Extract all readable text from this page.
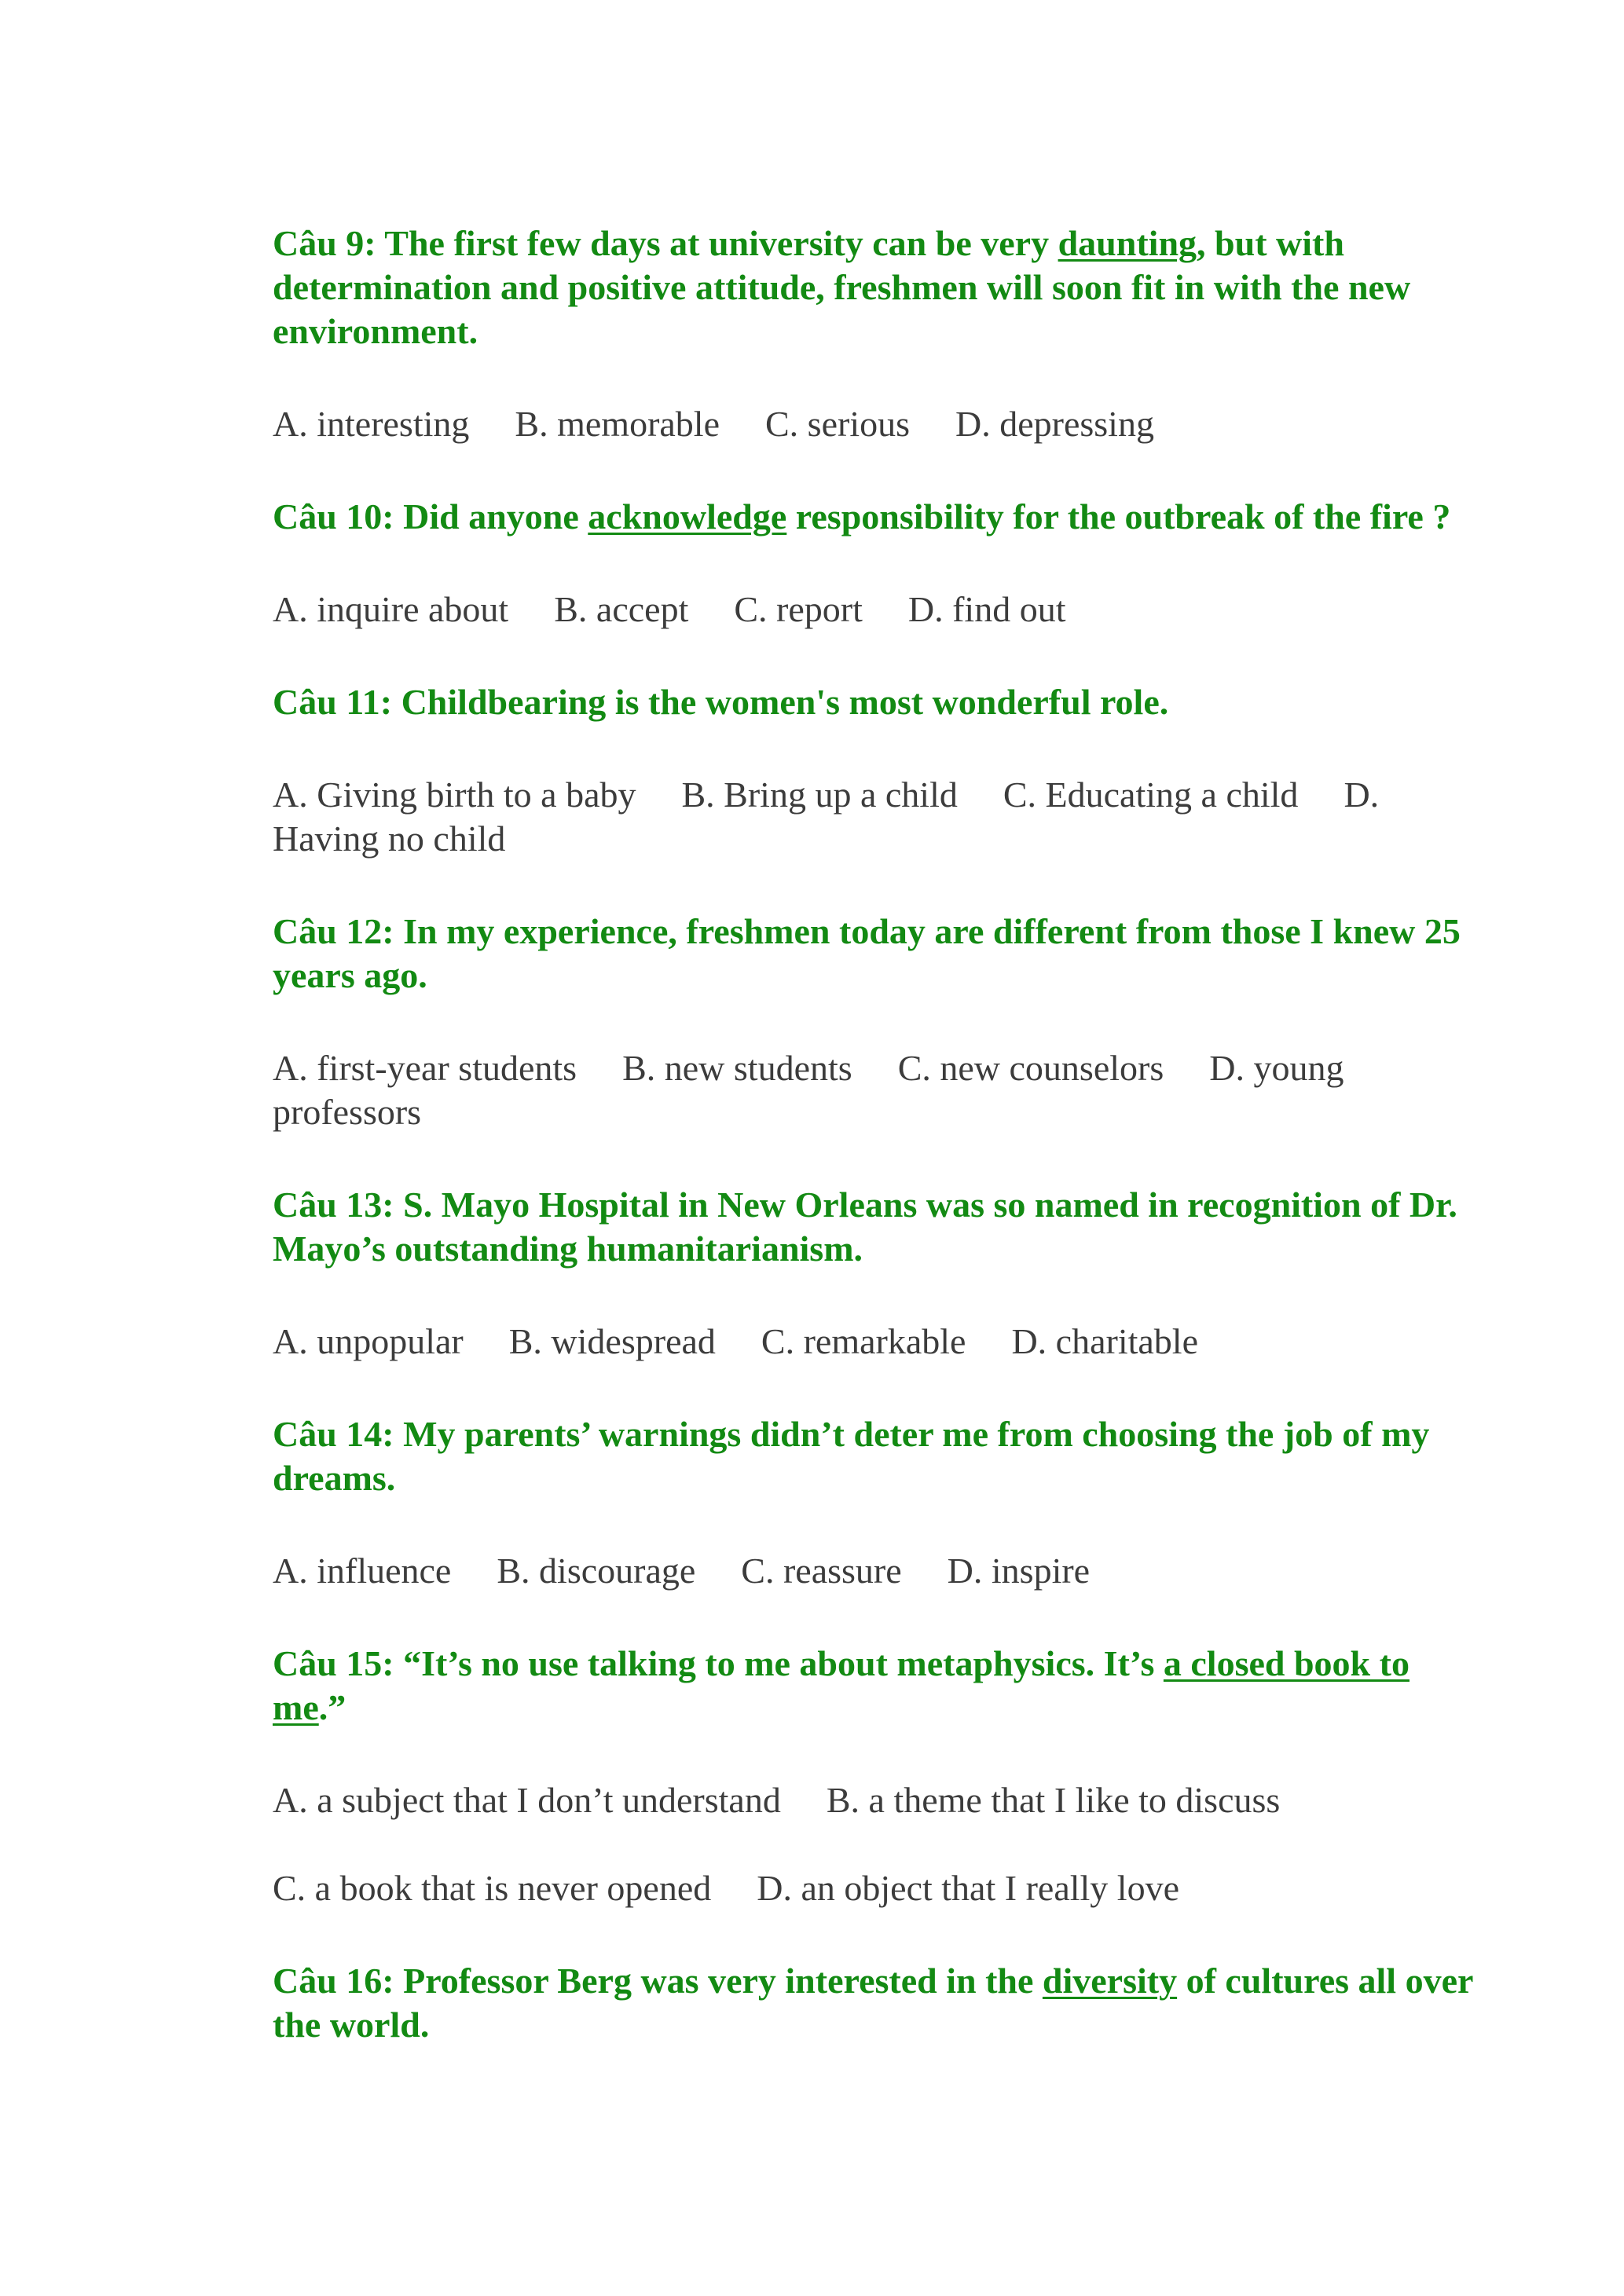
Câu 9: The first few days at university can be very daunting, but with determination and positive attitude, freshmen will soon fit in with the new environment.

A. interesting B. memorable C. serious D. depressing

Câu 10: Did anyone acknowledge responsibility for the outbreak of the fire ?

A. inquire about B. accept C. report D. find out

Câu 11: Childbearing is the women's most wonderful role.

A. Giving birth to a baby B. Bring up a child C. Educating a child D. Having no child

Câu 12: In my experience, freshmen today are different from those I knew 25 years ago.

A. first-year students B. new students C. new counselors D. young professors

Câu 13: S. Mayo Hospital in New Orleans was so named in recognition of Dr. Mayo’s outstanding humanitarianism.

A. unpopular B. widespread C. remarkable D. charitable

Câu 14: My parents’ warnings didn’t deter me from choosing the job of my dreams.

A. influence B. discourage C. reassure D. inspire

Câu 15: “It’s no use talking to me about metaphysics. It’s a closed book to me.”

A. a subject that I don’t understand B. a theme that I like to discuss

C. a book that is never opened D. an object that I really love

Câu 16: Professor Berg was very interested in the diversity of cultures all over the world.
